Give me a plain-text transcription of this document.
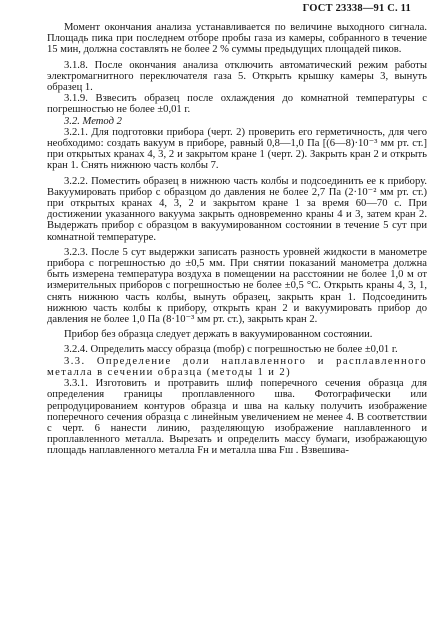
ГОСТ 23338—91 С. 11

Момент окончания анализа устанавливается по величине выходного сигнала. Площадь пика при последнем отборе пробы газа из камеры, собранного в течение 15 мин, должна составлять не более 2 % суммы предыдущих площадей пиков.

3.1.8. После окончания анализа отключить автоматический режим работы электромагнитного переключателя газа 5. Открыть крышку камеры 3, вынуть образец 1.

3.1.9. Взвесить образец после охлаждения до комнатной температуры с погрешностью не более ±0,01 г.

3.2. Метод 2

3.2.1. Для подготовки прибора (черт. 2) проверить его герметичность, для чего необходимо: создать вакуум в приборе, равный 0,8—1,0 Па [(6—8)·10⁻³ мм рт. ст.] при открытых кранах 4, 3, 2 и закрытом кране 1 (черт. 2). Закрыть кран 2 и открыть кран 1. Снять нижнюю часть колбы 7.

3.2.2. Поместить образец в нижнюю часть колбы и подсоединить ее к прибору. Вакуумировать прибор с образцом до давления не более 2,7 Па (2·10⁻² мм рт. ст.) при открытых кранах 4, 3, 2 и закрытом кране 1 за время 60—70 с. При достижении указанного вакуума закрыть одновременно краны 4 и 3, затем кран 2. Выдержать прибор с образцом в вакуумированном состоянии в течение 5 сут при комнатной температуре.

3.2.3. После 5 сут выдержки записать разность уровней жидкости в манометре прибора с погрешностью до ±0,5 мм. При снятии показаний манометра должна быть измерена температура воздуха в помещении на расстоянии не более 1,0 м от измерительных приборов с погрешностью не более ±0,5 °С. Открыть краны 4, 3, 1, снять нижнюю часть колбы, вынуть образец, закрыть кран 1. Подсоединить нижнюю часть колбы к прибору, открыть кран 2 и вакуумировать прибор до давления не более 1,0 Па (8·10⁻³ мм рт. ст.), закрыть кран 2.

Прибор без образца следует держать в вакуумированном состоянии.

3.2.4. Определить массу образца (mобр) с погрешностью не более ±0,01 г.

3.3. Определение доли наплавленного и расплавленного металла в сечении образца (методы 1 и 2)

3.3.1. Изготовить и протравить шлиф поперечного сечения образца для определения границы проплавленного шва. Фотографически или репродуцированием контуров образца и шва на кальку получить изображение поперечного сечения образца с линейным увеличением не менее 4. В соответствии с черт. 6 нанести линию, разделяющую изображение наплавленного и проплавленного металла. Вырезать и определить массу бумаги, изображающую площадь наплавленного металла Fн и металла шва Fш . Взвешива-
